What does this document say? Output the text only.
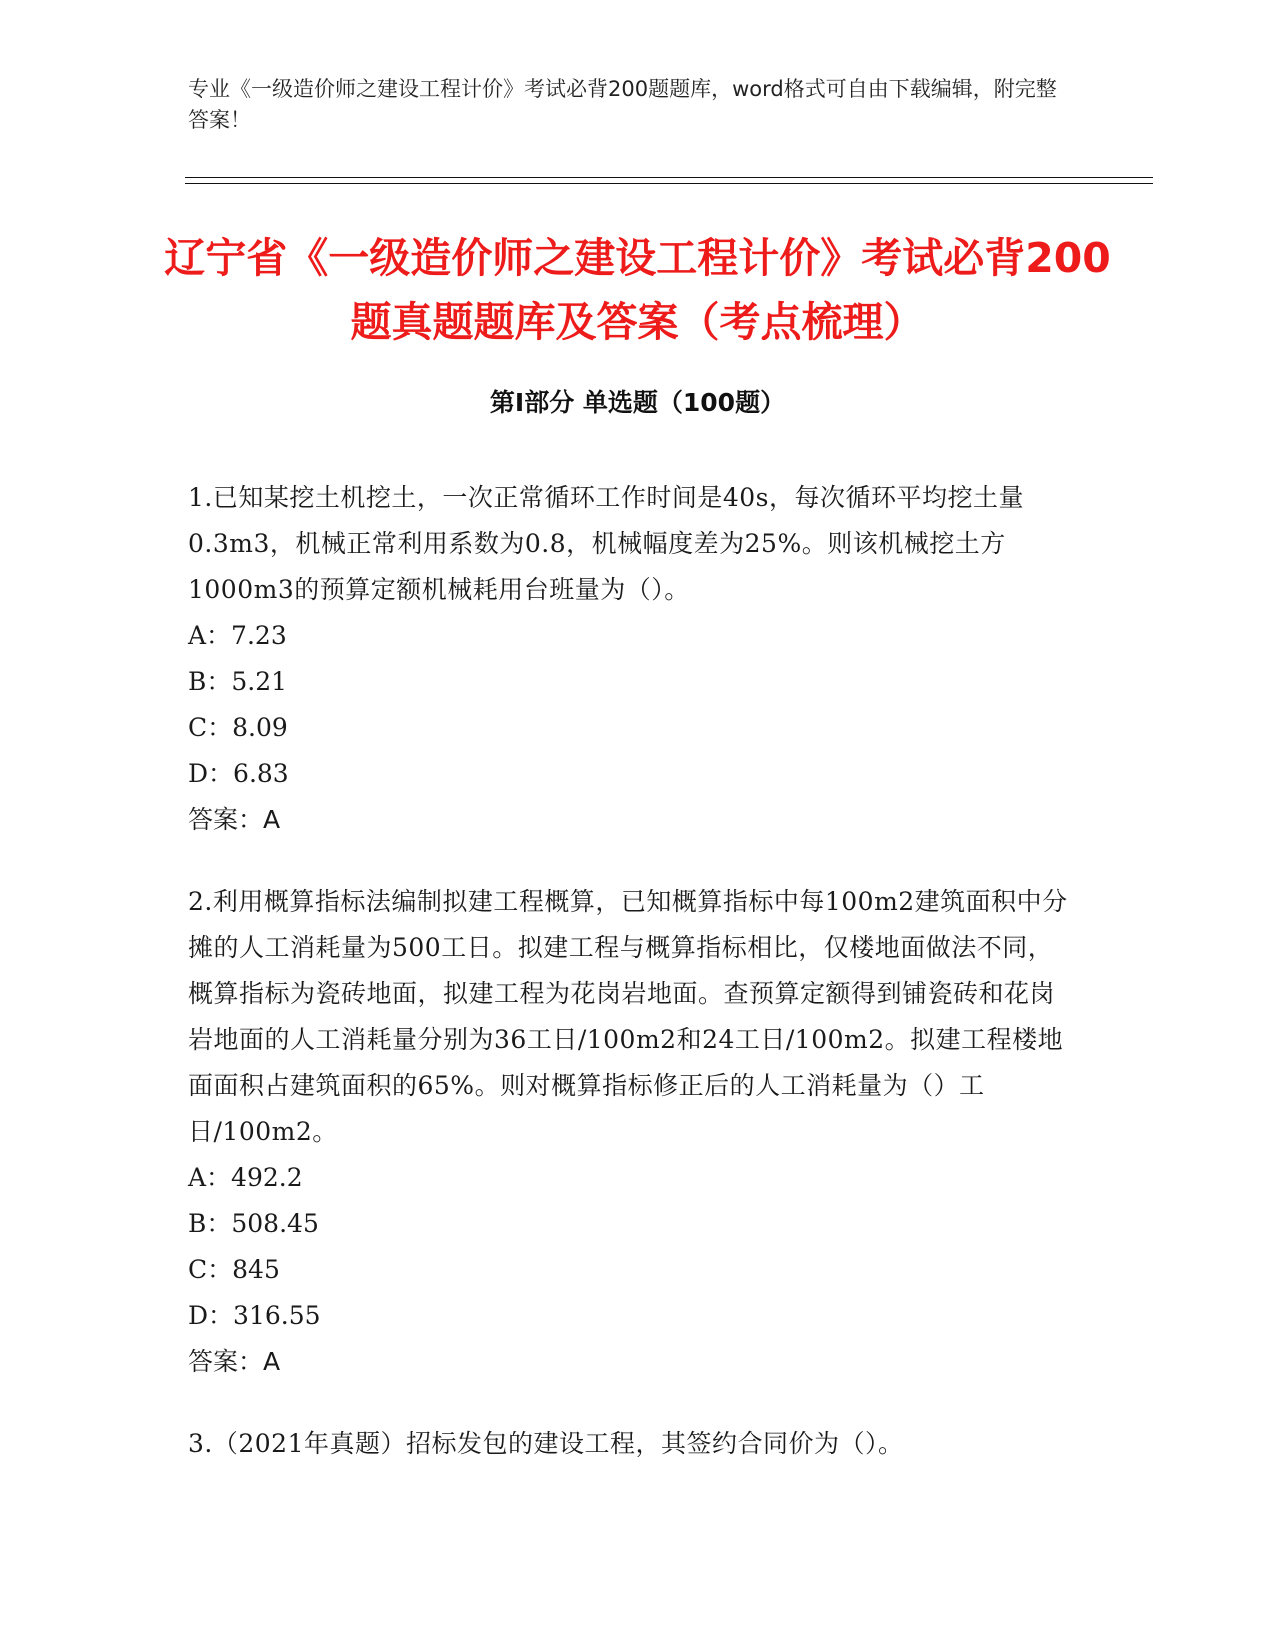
专业《一级造价师之建设工程计价》考试必背200题题库，word格式可自由下载编辑，附完整答案！

辽宁省《一级造价师之建设工程计价》考试必背200题真题题库及答案（考点梳理）
第I部分 单选题（100题）

1.已知某挖土机挖土，一次正常循环工作时间是40s，每次循环平均挖土量0.3m3，机械正常利用系数为0.8，机械幅度差为25%。则该机械挖土方1000m3的预算定额机械耗用台班量为（）。

A：7.23

B：5.21

C：8.09

D：6.83

答案：A

2.利用概算指标法编制拟建工程概算，已知概算指标中每100m2建筑面积中分摊的人工消耗量为500工日。拟建工程与概算指标相比，仅楼地面做法不同，概算指标为瓷砖地面，拟建工程为花岗岩地面。查预算定额得到铺瓷砖和花岗岩地面的人工消耗量分别为36工日/100m2和24工日/100m2。拟建工程楼地面面积占建筑面积的65%。则对概算指标修正后的人工消耗量为（）工日/100m2。

A：492.2

B：508.45

C：845

D：316.55

答案：A

3.（2021年真题）招标发包的建设工程，其签约合同价为（）。
